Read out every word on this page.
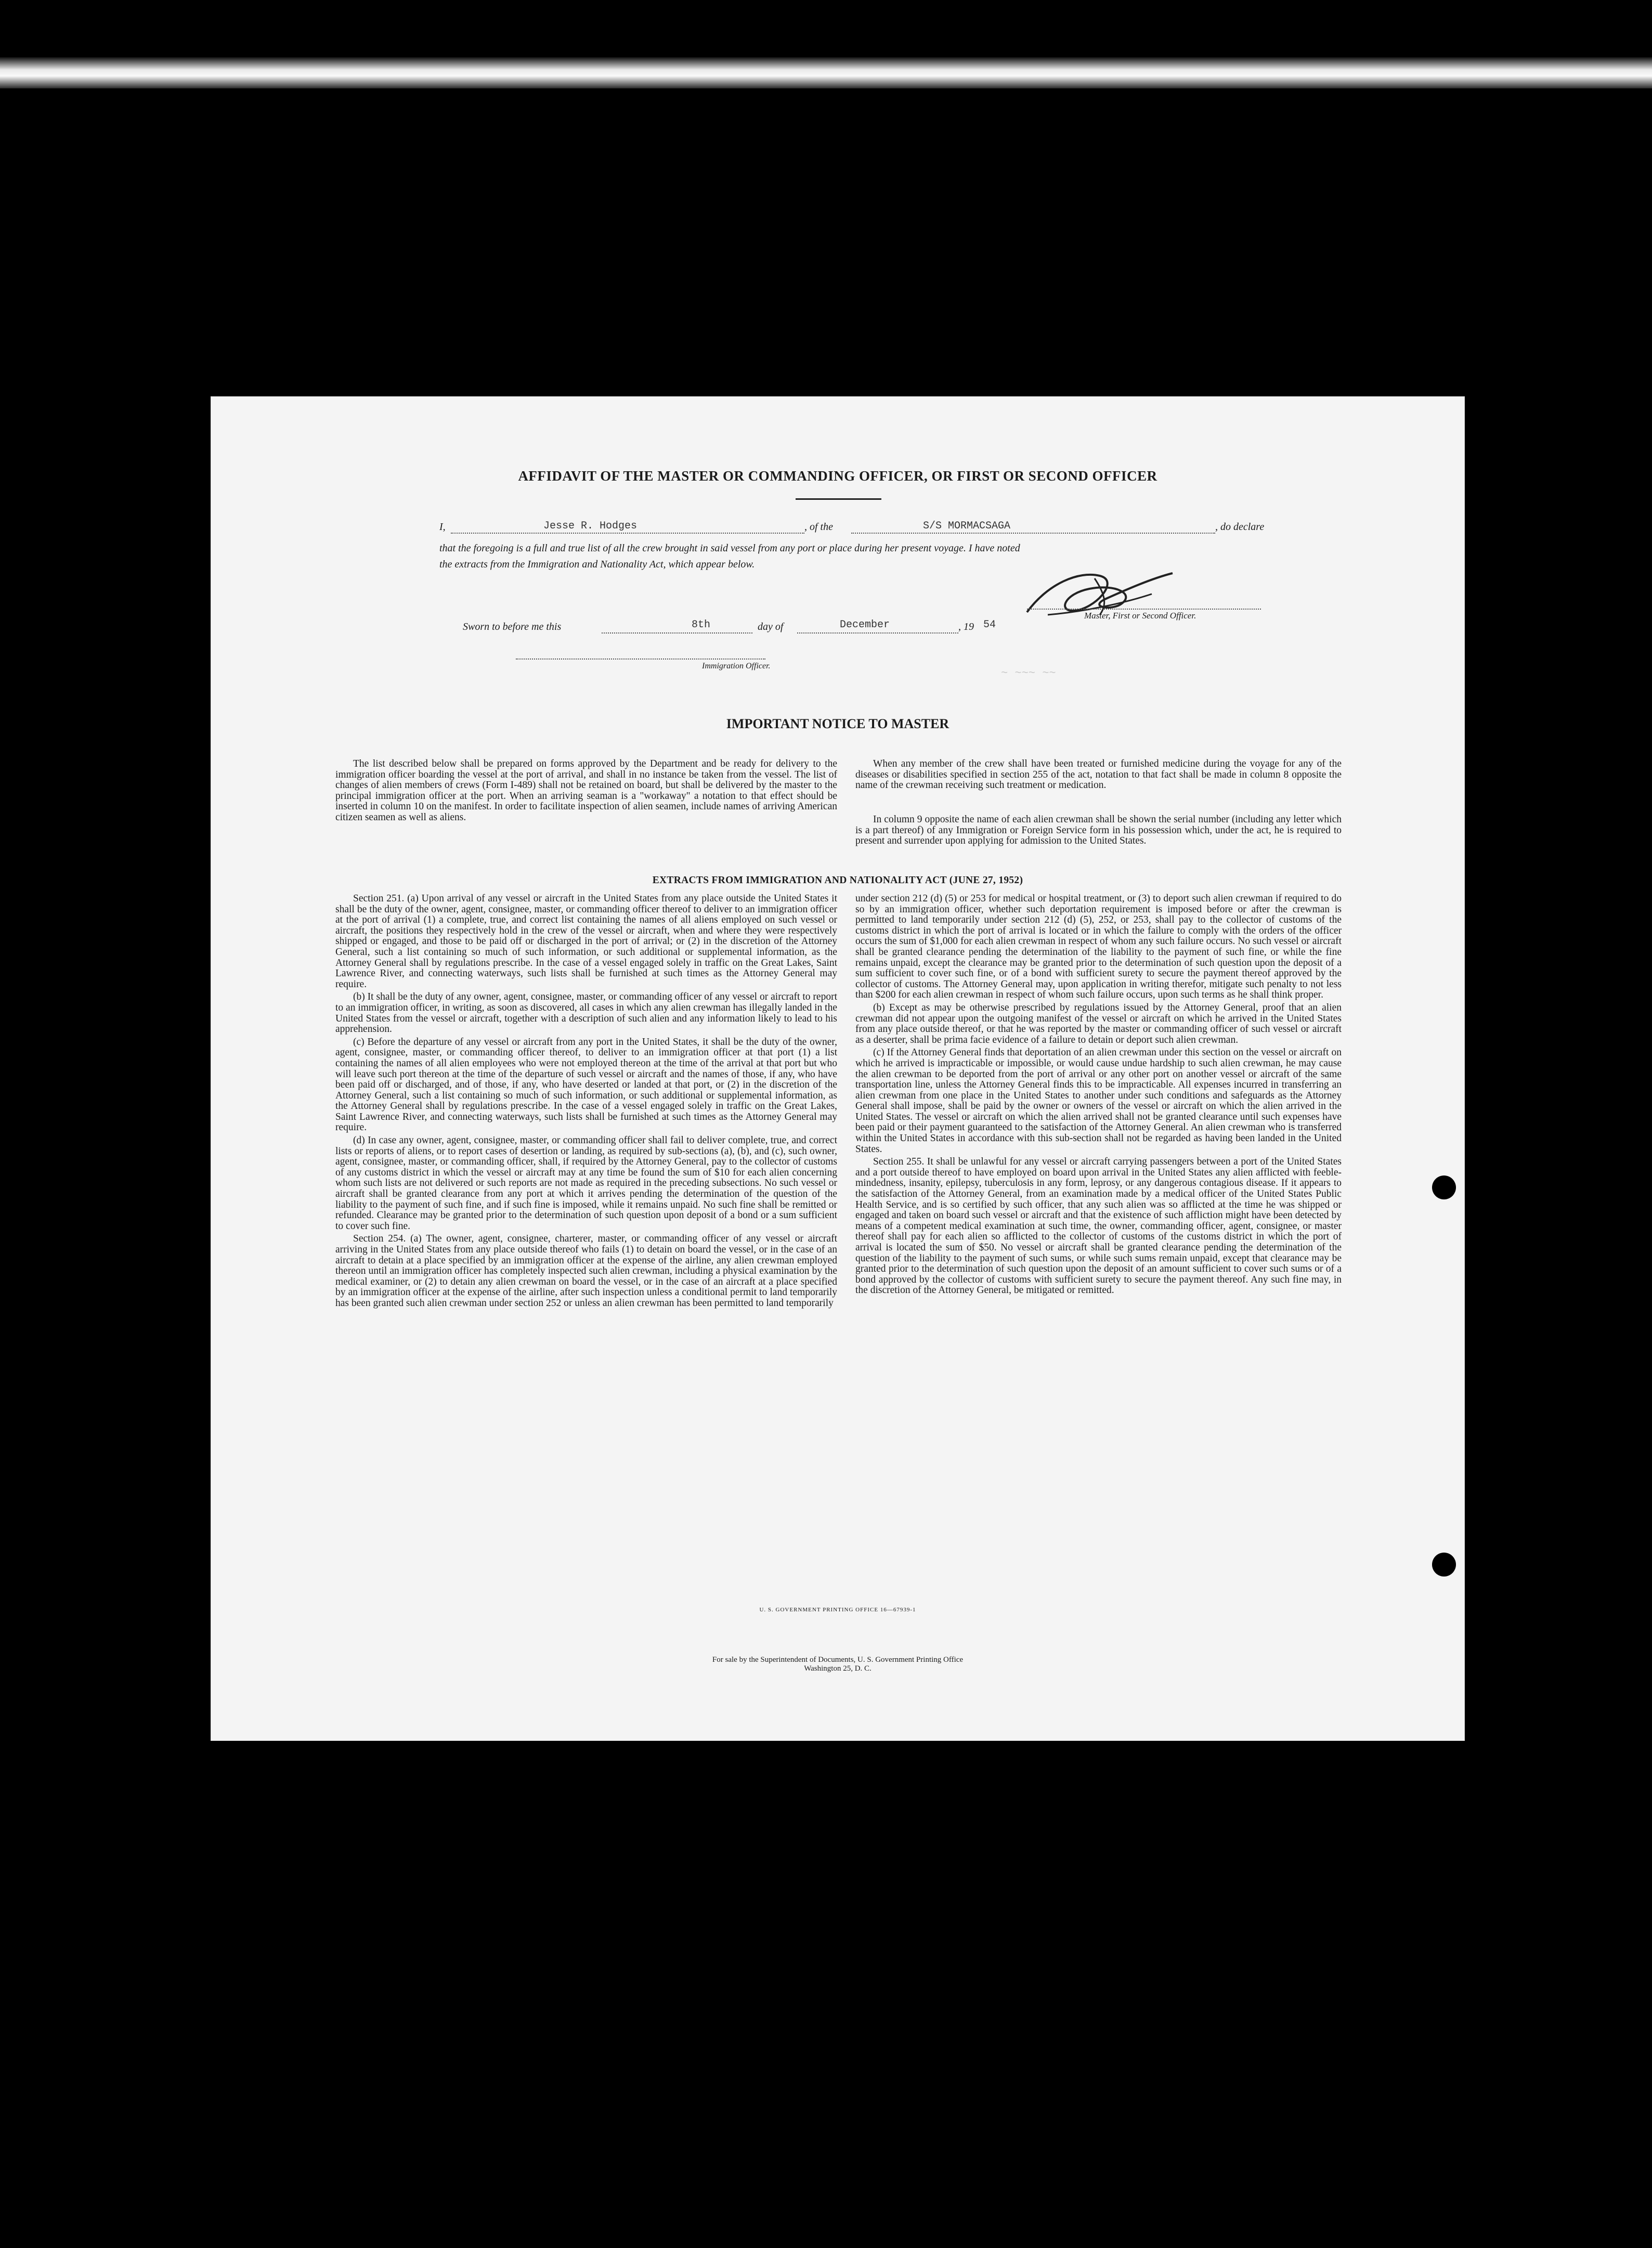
~ ~~~ ~~
AFFIDAVIT OF THE MASTER OR COMMANDING OFFICER, OR FIRST OR SECOND OFFICER
I,	Jesse R. Hodges	, of the	S/S MORMACSAGA	, do declare
that the foregoing is a full and true list of all the crew brought in said vessel from any port or place during her present voyage. I have noted
the extracts from the Immigration and Nationality Act, which appear below.
Master, First or Second Officer.
Sworn to before me this	8th	day of	December	, 19 54
Immigration Officer.
IMPORTANT NOTICE TO MASTER
The list described below shall be prepared on forms approved by the Department and be ready for delivery to the immigration officer boarding the vessel at the port of arrival, and shall in no instance be taken from the vessel. The list of changes of alien members of crews (Form I-489) shall not be retained on board, but shall be delivered by the master to the principal immigration officer at the port. When an arriving seaman is a "workaway" a notation to that effect should be inserted in column 10 on the manifest. In order to facilitate inspection of alien seamen, include names of arriving American citizen seamen as well as aliens.
When any member of the crew shall have been treated or furnished medicine during the voyage for any of the diseases or disabilities specified in section 255 of the act, notation to that fact shall be made in column 8 opposite the name of the crewman receiving such treatment or medication.
In column 9 opposite the name of each alien crewman shall be shown the serial number (including any letter which is a part thereof) of any Immigration or Foreign Service form in his possession which, under the act, he is required to present and surrender upon applying for admission to the United States.
EXTRACTS FROM IMMIGRATION AND NATIONALITY ACT (JUNE 27, 1952)

Section 251. (a) Upon arrival of any vessel or aircraft in the United States from any place outside the United States it shall be the duty of the owner, agent, consignee, master, or commanding officer thereof to deliver to an immigration officer at the port of arrival (1) a complete, true, and correct list containing the names of all aliens employed on such vessel or aircraft, the positions they respectively hold in the crew of the vessel or aircraft, when and where they were respectively shipped or engaged, and those to be paid off or discharged in the port of arrival; or (2) in the discretion of the Attorney General, such a list containing so much of such information, or such additional or supplemental information, as the Attorney General shall by regulations prescribe. In the case of a vessel engaged solely in traffic on the Great Lakes, Saint Lawrence River, and connecting waterways, such lists shall be furnished at such times as the Attorney General may require.

(b) It shall be the duty of any owner, agent, consignee, master, or commanding officer of any vessel or aircraft to report to an immigration officer, in writing, as soon as discovered, all cases in which any alien crewman has illegally landed in the United States from the vessel or aircraft, together with a description of such alien and any information likely to lead to his apprehension.

(c) Before the departure of any vessel or aircraft from any port in the United States, it shall be the duty of the owner, agent, consignee, master, or commanding officer thereof, to deliver to an immigration officer at that port (1) a list containing the names of all alien employees who were not employed thereon at the time of the arrival at that port but who will leave such port thereon at the time of the departure of such vessel or aircraft and the names of those, if any, who have been paid off or discharged, and of those, if any, who have deserted or landed at that port, or (2) in the discretion of the Attorney General, such a list containing so much of such information, or such additional or supplemental information, as the Attorney General shall by regulations prescribe. In the case of a vessel engaged solely in traffic on the Great Lakes, Saint Lawrence River, and connecting waterways, such lists shall be furnished at such times as the Attorney General may require.

(d) In case any owner, agent, consignee, master, or commanding officer shall fail to deliver complete, true, and correct lists or reports of aliens, or to report cases of desertion or landing, as required by sub-sections (a), (b), and (c), such owner, agent, consignee, master, or commanding officer, shall, if required by the Attorney General, pay to the collector of customs of any customs district in which the vessel or aircraft may at any time be found the sum of $10 for each alien concerning whom such lists are not delivered or such reports are not made as required in the preceding subsections. No such vessel or aircraft shall be granted clearance from any port at which it arrives pending the determination of the question of the liability to the payment of such fine, and if such fine is imposed, while it remains unpaid. No such fine shall be remitted or refunded. Clearance may be granted prior to the determination of such question upon deposit of a bond or a sum sufficient to cover such fine.

Section 254. (a) The owner, agent, consignee, charterer, master, or commanding officer of any vessel or aircraft arriving in the United States from any place outside thereof who fails (1) to detain on board the vessel, or in the case of an aircraft to detain at a place specified by an immigration officer at the expense of the airline, any alien crewman employed thereon until an immigration officer has completely inspected such alien crewman, including a physical examination by the medical examiner, or (2) to detain any alien crewman on board the vessel, or in the case of an aircraft at a place specified by an immigration officer at the expense of the airline, after such inspection unless a conditional permit to land temporarily has been granted such alien crewman under section 252 or unless an alien crewman has been permitted to land temporarily

under section 212 (d) (5) or 253 for medical or hospital treatment, or (3) to deport such alien crewman if required to do so by an immigration officer, whether such deportation requirement is imposed before or after the crewman is permitted to land temporarily under section 212 (d) (5), 252, or 253, shall pay to the collector of customs of the customs district in which the port of arrival is located or in which the failure to comply with the orders of the officer occurs the sum of $1,000 for each alien crewman in respect of whom any such failure occurs. No such vessel or aircraft shall be granted clearance pending the determination of the liability to the payment of such fine, or while the fine remains unpaid, except the clearance may be granted prior to the determination of such question upon the deposit of a sum sufficient to cover such fine, or of a bond with sufficient surety to secure the payment thereof approved by the collector of customs. The Attorney General may, upon application in writing therefor, mitigate such penalty to not less than $200 for each alien crewman in respect of whom such failure occurs, upon such terms as he shall think proper.

(b) Except as may be otherwise prescribed by regulations issued by the Attorney General, proof that an alien crewman did not appear upon the outgoing manifest of the vessel or aircraft on which he arrived in the United States from any place outside thereof, or that he was reported by the master or commanding officer of such vessel or aircraft as a deserter, shall be prima facie evidence of a failure to detain or deport such alien crewman.

(c) If the Attorney General finds that deportation of an alien crewman under this section on the vessel or aircraft on which he arrived is impracticable or impossible, or would cause undue hardship to such alien crewman, he may cause the alien crewman to be deported from the port of arrival or any other port on another vessel or aircraft of the same transportation line, unless the Attorney General finds this to be impracticable. All expenses incurred in transferring an alien crewman from one place in the United States to another under such conditions and safeguards as the Attorney General shall impose, shall be paid by the owner or owners of the vessel or aircraft on which the alien arrived in the United States. The vessel or aircraft on which the alien arrived shall not be granted clearance until such expenses have been paid or their payment guaranteed to the satisfaction of the Attorney General. An alien crewman who is transferred within the United States in accordance with this sub-section shall not be regarded as having been landed in the United States.

Section 255. It shall be unlawful for any vessel or aircraft carrying passengers between a port of the United States and a port outside thereof to have employed on board upon arrival in the United States any alien afflicted with feeble-mindedness, insanity, epilepsy, tuberculosis in any form, leprosy, or any dangerous contagious disease. If it appears to the satisfaction of the Attorney General, from an examination made by a medical officer of the United States Public Health Service, and is so certified by such officer, that any such alien was so afflicted at the time he was shipped or engaged and taken on board such vessel or aircraft and that the existence of such affliction might have been detected by means of a competent medical examination at such time, the owner, commanding officer, agent, consignee, or master thereof shall pay for each alien so afflicted to the collector of customs of the customs district in which the port of arrival is located the sum of $50. No vessel or aircraft shall be granted clearance pending the determination of the question of the liability to the payment of such sums, or while such sums remain unpaid, except that clearance may be granted prior to the determination of such question upon the deposit of an amount sufficient to cover such sums or of a bond approved by the collector of customs with sufficient surety to secure the payment thereof. Any such fine may, in the discretion of the Attorney General, be mitigated or remitted.

U. S. GOVERNMENT PRINTING OFFICE 16—67939-1
For sale by the Superintendent of Documents, U. S. Government Printing Office
Washington 25, D. C.
